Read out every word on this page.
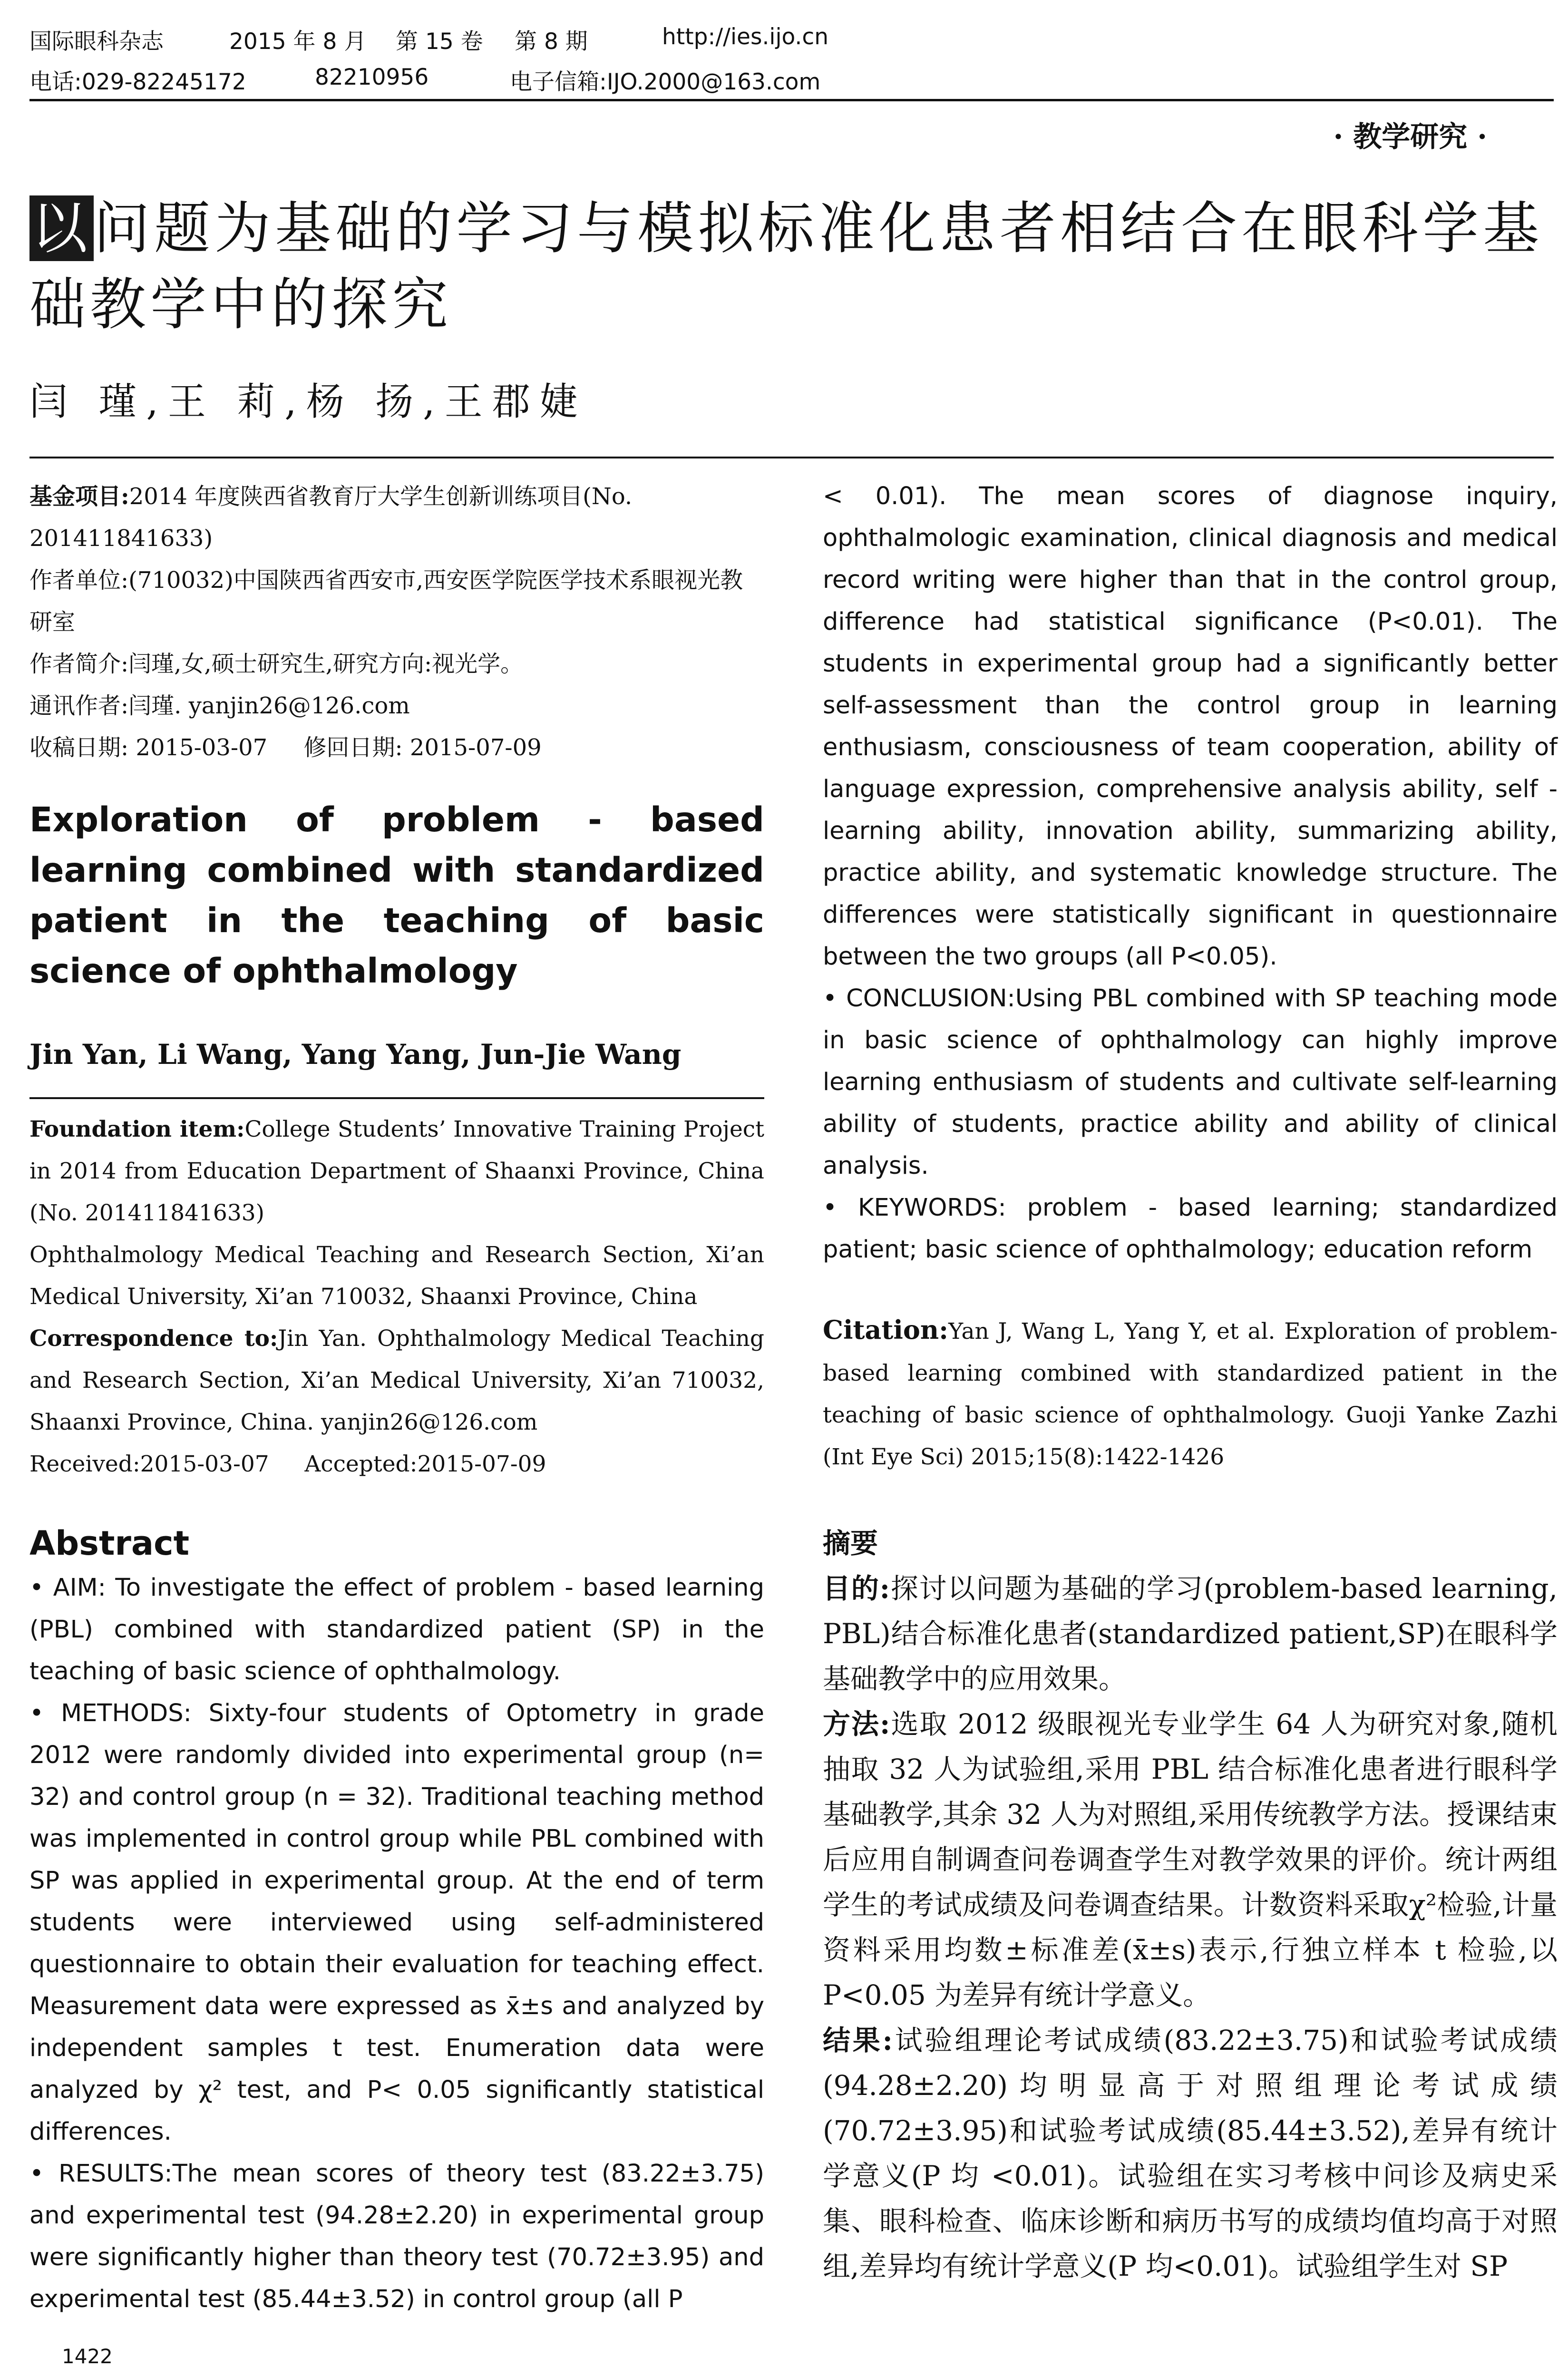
国际眼科杂志	2015 年 8 月 第 15 卷 第 8 期	http://ies.ijo.cn
电话:029-82245172	82210956	电子信箱:IJO.2000@163.com
· 教学研究 ·
以问题为基础的学习与模拟标准化患者相结合在眼科学基础教学中的探究
闫 瑾,王 莉,杨 扬,王郡婕
基金项目:2014 年度陕西省教育厅大学生创新训练项目(No. 201411841633)
作者单位:(710032)中国陕西省西安市,西安医学院医学技术系眼视光教研室
作者简介:闫瑾,女,硕士研究生,研究方向:视光学。
通讯作者:闫瑾. yanjin26@126.com
收稿日期: 2015-03-07     修回日期: 2015-07-09
Exploration of problem - based learning combined with standardized patient in the teaching of basic science of ophthalmology
Jin Yan, Li Wang, Yang Yang, Jun-Jie Wang
Foundation item:College Students’ Innovative Training Project in 2014 from Education Department of Shaanxi Province, China (No. 201411841633)
Ophthalmology Medical Teaching and Research Section, Xi’an Medical University, Xi’an 710032, Shaanxi Province, China
Correspondence to:Jin Yan. Ophthalmology Medical Teaching and Research Section, Xi’an Medical University, Xi’an 710032, Shaanxi Province, China. yanjin26@126.com
Received:2015-03-07     Accepted:2015-07-09
Abstract

• AIM: To investigate the effect of problem - based learning (PBL) combined with standardized patient (SP) in the teaching of basic science of ophthalmology.

• METHODS: Sixty-four students of Optometry in grade 2012 were randomly divided into experimental group (n= 32) and control group (n = 32). Traditional teaching method was implemented in control group while PBL combined with SP was applied in experimental group. At the end of term students were interviewed using self-administered questionnaire to obtain their evaluation for teaching effect. Measurement data were expressed as x̄±s and analyzed by independent samples t test. Enumeration data were analyzed by χ² test, and P< 0.05 significantly statistical differences.

• RESULTS:The mean scores of theory test (83.22±3.75) and experimental test (94.28±2.20) in experimental group were significantly higher than theory test (70.72±3.95) and experimental test (85.44±3.52) in control group (all P

< 0.01). The mean scores of diagnose inquiry, ophthalmologic examination, clinical diagnosis and medical record writing were higher than that in the control group, difference had statistical significance (P<0.01). The students in experimental group had a significantly better self-assessment than the control group in learning enthusiasm, consciousness of team cooperation, ability of language expression, comprehensive analysis ability, self - learning ability, innovation ability, summarizing ability, practice ability, and systematic knowledge structure. The differences were statistically significant in questionnaire between the two groups (all P<0.05).

• CONCLUSION:Using PBL combined with SP teaching mode in basic science of ophthalmology can highly improve learning enthusiasm of students and cultivate self-learning ability of students, practice ability and ability of clinical analysis.

• KEYWORDS: problem - based learning; standardized patient; basic science of ophthalmology; education reform

Citation:Yan J, Wang L, Yang Y, et al. Exploration of problem-based learning combined with standardized patient in the teaching of basic science of ophthalmology. Guoji Yanke Zazhi (Int Eye Sci) 2015;15(8):1422-1426
摘要

目的:探讨以问题为基础的学习(problem-based learning, PBL)结合标准化患者(standardized patient,SP)在眼科学基础教学中的应用效果。

方法:选取 2012 级眼视光专业学生 64 人为研究对象,随机抽取 32 人为试验组,采用 PBL 结合标准化患者进行眼科学基础教学,其余 32 人为对照组,采用传统教学方法。授课结束后应用自制调查问卷调查学生对教学效果的评价。统计两组学生的考试成绩及问卷调查结果。计数资料采取χ²检验,计量资料采用均数±标准差(x̄±s)表示,行独立样本 t 检验,以 P<0.05 为差异有统计学意义。

结果:试验组理论考试成绩(83.22±3.75)和试验考试成绩(94.28±2.20)均明显高于对照组理论考试成绩(70.72±3.95)和试验考试成绩(85.44±3.52),差异有统计学意义(P 均 <0.01)。试验组在实习考核中问诊及病史采集、眼科检查、临床诊断和病历书写的成绩均值均高于对照组,差异均有统计学意义(P 均<0.01)。试验组学生对 SP

1422
